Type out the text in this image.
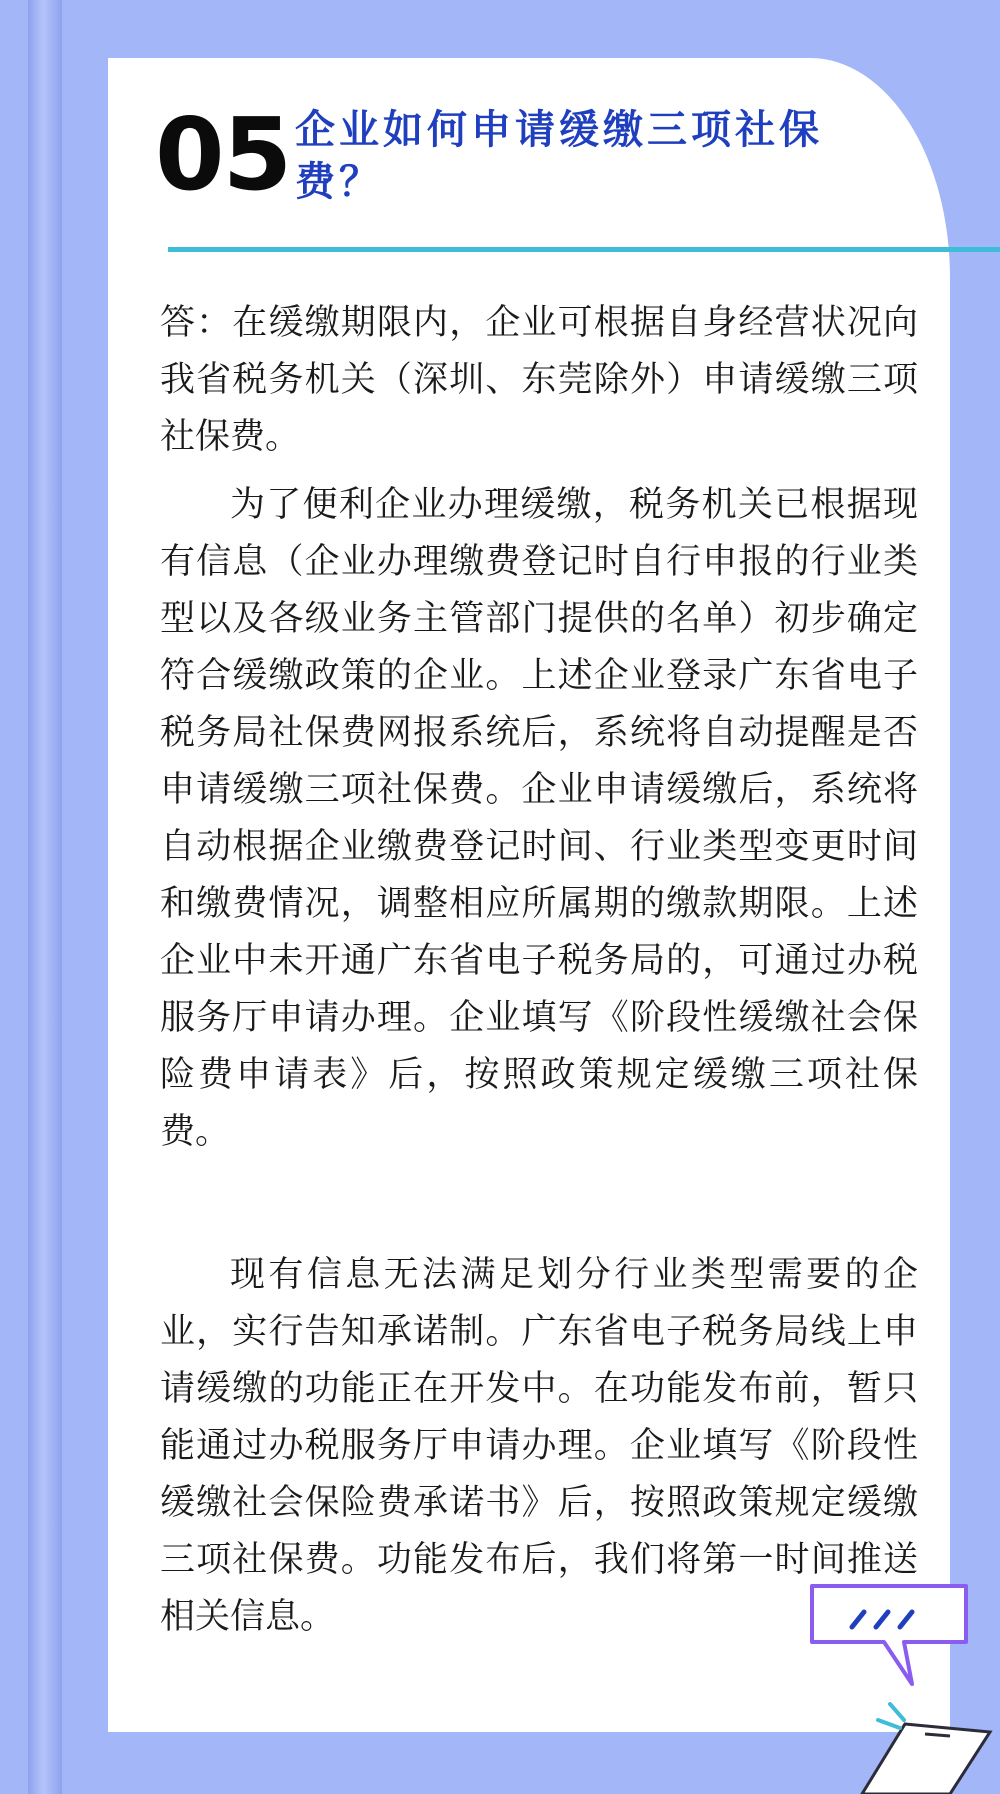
05 企业如何申请缓缴三项社保费？

答：在缓缴期限内，企业可根据自身经营状况向我省税务机关（深圳、东莞除外）申请缓缴三项社保费。

为了便利企业办理缓缴，税务机关已根据现有信息（企业办理缴费登记时自行申报的行业类型以及各级业务主管部门提供的名单）初步确定符合缓缴政策的企业。上述企业登录广东省电子税务局社保费网报系统后，系统将自动提醒是否申请缓缴三项社保费。企业申请缓缴后，系统将自动根据企业缴费登记时间、行业类型变更时间和缴费情况，调整相应所属期的缴款期限。上述企业中未开通广东省电子税务局的，可通过办税服务厅申请办理。企业填写《阶段性缓缴社会保险费申请表》后，按照政策规定缓缴三项社保费。

现有信息无法满足划分行业类型需要的企业，实行告知承诺制。广东省电子税务局线上申请缓缴的功能正在开发中。在功能发布前，暂只能通过办税服务厅申请办理。企业填写《阶段性缓缴社会保险费承诺书》后，按照政策规定缓缴三项社保费。功能发布后，我们将第一时间推送相关信息。
